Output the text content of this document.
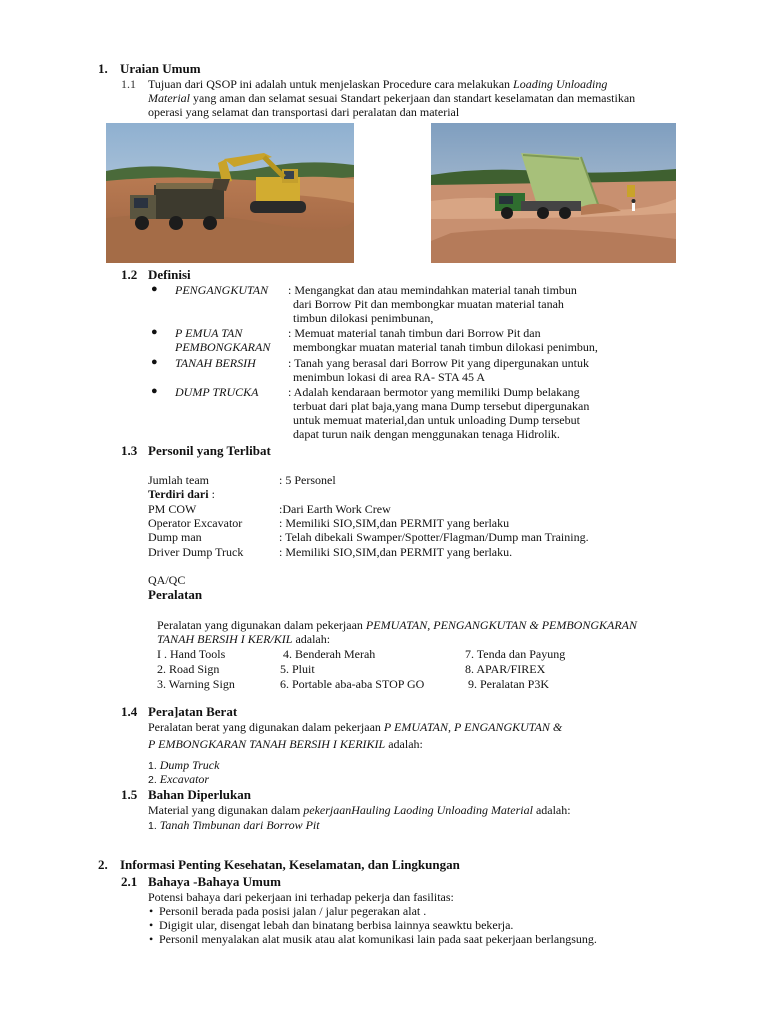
1. Uraian Umum
1.1 Tujuan dari QSOP ini adalah untuk menjelaskan Procedure cara melakukan Loading Unloading
Material yang aman dan selamat sesuai Standart pekerjaan dan standart keselamatan dan memastikan
operasi yang selamat dan transportasi dari peralatan dan material
1.2 Definisi
● PENGANGKUTAN : Mengangkat dan atau memindahkan material tanah timbun
dari Borrow Pit dan membongkar muatan material tanah
timbun dilokasi penimbunan,
● P EMUA TAN
PEMBONGKARAN
: Memuat material tanah timbun dari Borrow Pit dan
membongkar muatan material tanah timbun dilokasi penimbun,
● TANAH BERSIH	: Tanah yang berasal dari Borrow Pit yang dipergunakan untuk
menimbun lokasi di area RA- STA 45 A
● DUMP TRUCKA : Adalah kendaraan bermotor yang memiliki Dump belakang
terbuat dari plat baja,yang mana Dump tersebut dipergunakan
untuk memuat material,dan untuk unloading Dump tersebut
dapat turun naik dengan menggunakan tenaga Hidrolik.
1.3 Personil yang Terlibat
Jumlah team	: 5 Personel
Terdiri dari :
PM COW	:Dari Earth Work Crew
Operator Excavator	: Memiliki SIO,SIM,dan PERMIT yang berlaku
Dump man	: Telah dibekali Swamper/Spotter/Flagman/Dump man Training.
Driver Dump Truck	: Memiliki SIO,SIM,dan PERMIT yang berlaku.
QA/QC
Peralatan
Peralatan yang digunakan dalam pekerjaan PEMUATAN, PENGANGKUTAN & PEMBONGKARAN
TANAH BERSIH I KER/KIL adalah:
I . Hand Tools	4. Benderah Merah	7. Tenda dan Payung
2. Road Sign	5. Pluit	8. APAR/FIREX
3. Warning Sign	6. Portable aba-aba STOP GO	9. Peralatan P3K
1.4 Pera]atan Berat
Peralatan berat yang digunakan dalam pekerjaan P EMUATAN, P ENGANGKUTAN &
P EMBONGKARAN TANAH BERSIH I KERIKIL adalah:
1. Dump Truck
2. Excavator
1.5 Bahan Diperlukan
Material yang digunakan dalam pekerjaanHauling Laoding Unloading Material adalah:
1. Tanah Timbunan dari Borrow Pit
2. Informasi Penting Kesehatan, Keselamatan, dan Lingkungan
2.1 Bahaya -Bahaya Umum
Potensi bahaya dari pekerjaan ini terhadap pekerja dan fasilitas:
• Personil berada pada posisi jalan / jalur pegerakan alat .
• Digigit ular, disengat lebah dan binatang berbisa lainnya seawktu bekerja.
• Personil menyalakan alat musik atau alat komunikasi lain pada saat pekerjaan berlangsung.
